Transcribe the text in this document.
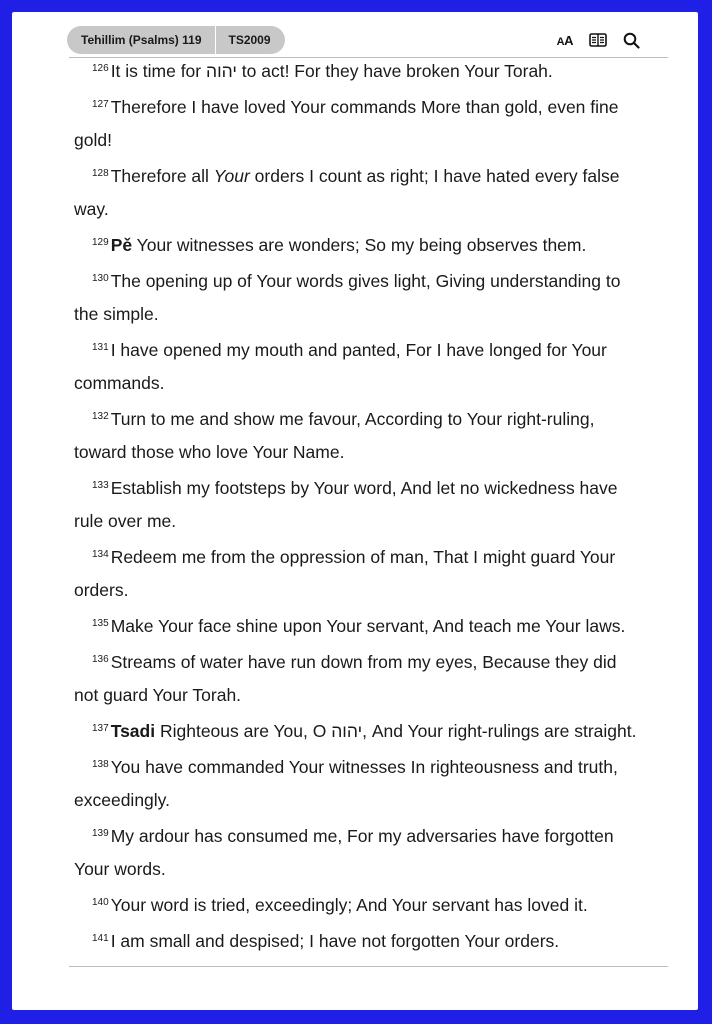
Tehillim (Psalms) 119	TS2009	AA

$^{126}$ It is time for יהוה to act! For they have broken Your Torah.

$^{127}$ Therefore I have loved Your commands More than gold, even fine gold!

$^{128}$ Therefore all Your orders I count as right; I have hated every false way.

$^{129}$ Pě Your witnesses are wonders; So my being observes them.

$^{130}$ The opening up of Your words gives light, Giving understanding to the simple.

$^{131}$ I have opened my mouth and panted, For I have longed for Your commands.

$^{132}$ Turn to me and show me favour, According to Your right-ruling, toward those who love Your Name.

$^{133}$ Establish my footsteps by Your word, And let no wickedness have rule over me.

$^{134}$ Redeem me from the oppression of man, That I might guard Your orders.

$^{135}$ Make Your face shine upon Your servant, And teach me Your laws.

$^{136}$ Streams of water have run down from my eyes, Because they did not guard Your Torah.

$^{137}$ Tsadi Righteous are You, O יהוה, And Your right-rulings are straight.

$^{138}$ You have commanded Your witnesses In righteousness and truth, exceedingly.

$^{139}$ My ardour has consumed me, For my adversaries have forgotten Your words.

$^{140}$ Your word is tried, exceedingly; And Your servant has loved it.

$^{141}$ I am small and despised; I have not forgotten Your orders.
